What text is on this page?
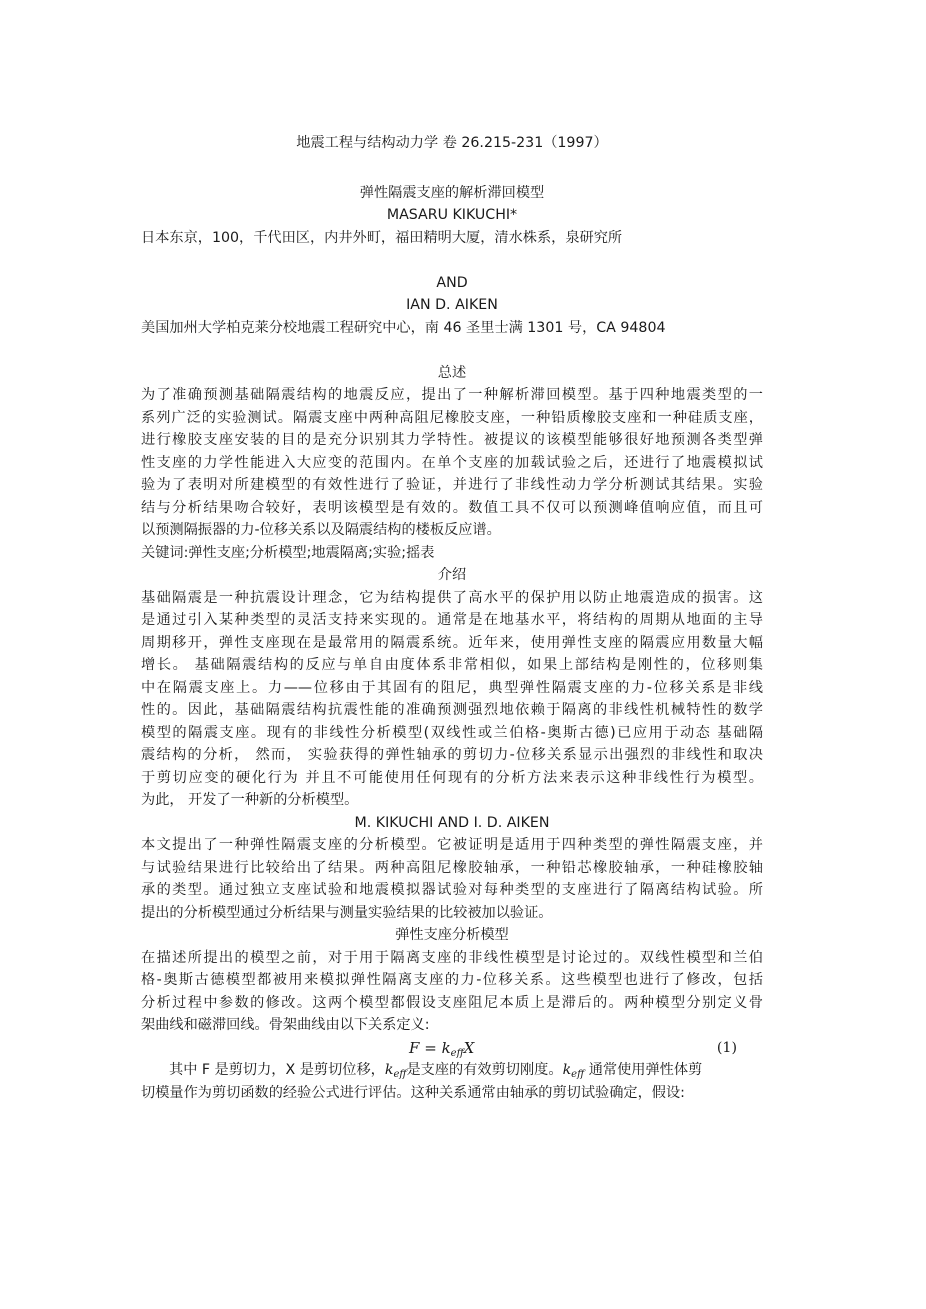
地震工程与结构动力学 卷 26.215-231（1997）
弹性隔震支座的解析滞回模型
MASARU KIKUCHI*
日本东京，100，千代田区，内井外町，福田精明大厦，清水株系，泉研究所
AND
IAN D. AIKEN
美国加州大学柏克莱分校地震工程研究中心，南 46 圣里士满 1301 号，CA 94804
总述
为了准确预测基础隔震结构的地震反应，提出了一种解析滞回模型。基于四种地震类型的一
系列广泛的实验测试。隔震支座中两种高阻尼橡胶支座，一种铅质橡胶支座和一种硅质支座，
进行橡胶支座安装的目的是充分识别其力学特性。被提议的该模型能够很好地预测各类型弹
性支座的力学性能进入大应变的范围内。在单个支座的加载试验之后，还进行了地震模拟试
验为了表明对所建模型的有效性进行了验证，并进行了非线性动力学分析测试其结果。实验
结与分析结果吻合较好，表明该模型是有效的。数值工具不仅可以预测峰值响应值，而且可
以预测隔振器的力-位移关系以及隔震结构的楼板反应谱。
关键词:弹性支座;分析模型;地震隔离;实验;摇表
介绍
基础隔震是一种抗震设计理念，它为结构提供了高水平的保护用以防止地震造成的损害。这
是通过引入某种类型的灵活支持来实现的。通常是在地基水平，将结构的周期从地面的主导
周期移开，弹性支座现在是最常用的隔震系统。近年来，使用弹性支座的隔震应用数量大幅
增长。 基础隔震结构的反应与单自由度体系非常相似，如果上部结构是刚性的，位移则集
中在隔震支座上。力——位移由于其固有的阻尼，典型弹性隔震支座的力-位移关系是非线
性的。因此，基础隔震结构抗震性能的准确预测强烈地依赖于隔离的非线性机械特性的数学
模型的隔震支座。现有的非线性分析模型(双线性或兰伯格-奥斯古德)已应用于动态 基础隔
震结构的分析， 然而， 实验获得的弹性轴承的剪切力-位移关系显示出强烈的非线性和取决
于剪切应变的硬化行为 并且不可能使用任何现有的分析方法来表示这种非线性行为模型。
为此， 开发了一种新的分析模型。
M. KIKUCHI AND I. D. AIKEN
本文提出了一种弹性隔震支座的分析模型。它被证明是适用于四种类型的弹性隔震支座，并
与试验结果进行比较给出了结果。两种高阻尼橡胶轴承，一种铅芯橡胶轴承，一种硅橡胶轴
承的类型。通过独立支座试验和地震模拟器试验对每种类型的支座进行了隔离结构试验。所
提出的分析模型通过分析结果与测量实验结果的比较被加以验证。
弹性支座分析模型
在描述所提出的模型之前，对于用于隔离支座的非线性模型是讨论过的。双线性模型和兰伯
格-奥斯古德模型都被用来模拟弹性隔离支座的力-位移关系。这些模型也进行了修改，包括
分析过程中参数的修改。这两个模型都假设支座阻尼本质上是滞后的。两种模型分别定义骨
架曲线和磁滞回线。骨架曲线由以下关系定义:
$F = k_{eff}X$	(1)
其中 F 是剪切力，X 是剪切位移，$k_{eff}$是支座的有效剪切刚度。$k_{eff}$ 通常使用弹性体剪
切模量作为剪切函数的经验公式进行评估。这种关系通常由轴承的剪切试验确定，假设:
